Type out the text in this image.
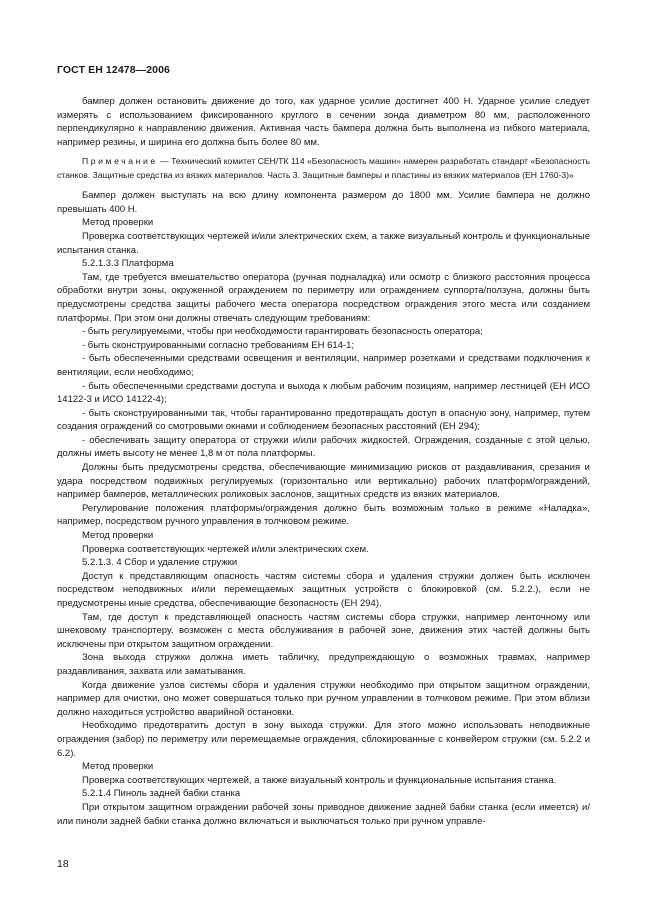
ГОСТ ЕН 12478—2006

бампер должен остановить движение до того, как ударное усилие достигнет 400 Н. Ударное усилие следует измерять с использованием фиксированного круглого в сечении зонда диаметром 80 мм, расположенного перпендикулярно к направлению движения. Активная часть бампера должна быть выполнена из гибкого материала, например резины, и ширина его должна быть более 80 мм.

Примечание — Технический комитет СЕН/ТК 114 «Безопасность машин» намерен разработать стандарт «Безопасность станков. Защитные средства из вязких материалов. Часть 3. Защитные бамперы и пластины из вязких материалов (ЕН 1760-3)»

Бампер должен выступать на всю длину компонента размером до 1800 мм. Усилие бампера не должно превышать 400 Н.

Метод проверки

Проверка соответствующих чертежей и/или электрических схем, а также визуальный контроль и функциональные испытания станка.

5.2.1.3.3 Платформа

Там, где требуется вмешательство оператора (ручная подналадка) или осмотр с близкого расстояния процесса обработки внутри зоны, окруженной ограждением по периметру или ограждением суппорта/ползуна, должны быть предусмотрены средства защиты рабочего места оператора посредством ограждения этого места или созданием платформы. При этом они должны отвечать следующим требованиям:

- быть регулируемыми, чтобы при необходимости гарантировать безопасность оператора;

- быть сконструированными согласно требованиям ЕН 614-1;

- быть обеспеченными средствами освещения и вентиляции, например розетками и средствами подключения к вентиляции, если необходимо;

- быть обеспеченными средствами доступа и выхода к любым рабочим позициям, например лестницей (ЕН ИСО 14122-3 и ИСО 14122-4);

- быть сконструированными так, чтобы гарантированно предотвращать доступ в опасную зону, например, путем создания ограждений со смотровыми окнами и соблюдением безопасных расстояний (ЕН 294);

- обеспечивать защиту оператора от стружки и/или рабочих жидкостей. Ограждения, созданные с этой целью, должны иметь высоту не менее 1,8 м от пола платформы.

Должны быть предусмотрены средства, обеспечивающие минимизацию рисков от раздавливания, срезания и удара посредством подвижных регулируемых (горизонтально или вертикально) рабочих платформ/ограждений, например бамперов, металлических роликовых заслонов, защитных средств из вязких материалов.

Регулирование положения платформы/ограждения должно быть возможным только в режиме «Наладка», например, посредством ручного управления в толчковом режиме.

Метод проверки

Проверка соответствующих чертежей и/или электрических схем.

5.2.1.3. 4 Сбор и удаление стружки

Доступ к представляющим опасность частям системы сбора и удаления стружки должен быть исключен посредством неподвижных и/или перемещаемых защитных устройств с блокировкой (см. 5.2.2.), если не предусмотрены иные средства, обеспечивающие безопасность (ЕН 294).

Там, где доступ к представляющей опасность частям системы сбора стружки, например ленточному или шнековому транспортеру, возможен с места обслуживания в рабочей зоне, движения этих частей должны быть исключены при открытом защитном ограждении.

Зона выхода стружки должна иметь табличку, предупреждающую о возможных травмах, например раздавливания, захвата или заматывания.

Когда движение узлов системы сбора и удаления стружки необходимо при открытом защитном ограждении, например для очистки, оно может совершаться только при ручном управлении в толчковом режиме. При этом вблизи должно находиться устройство аварийной остановки.

Необходимо предотвратить доступ в зону выхода стружки. Для этого можно использовать неподвижные ограждения (забор) по периметру или перемещаемые ограждения, сблокированные с конвейером стружки (см. 5.2.2 и 6.2).

Метод проверки

Проверка соответствующих чертежей, а также визуальный контроль и функциональные испытания станка.

5.2.1.4 Пиноль задней бабки станка

При открытом защитном ограждении рабочей зоны приводное движение задней бабки станка (если имеется) и/или пиноли задней бабки станка должно включаться и выключаться только при ручном управле-

18
